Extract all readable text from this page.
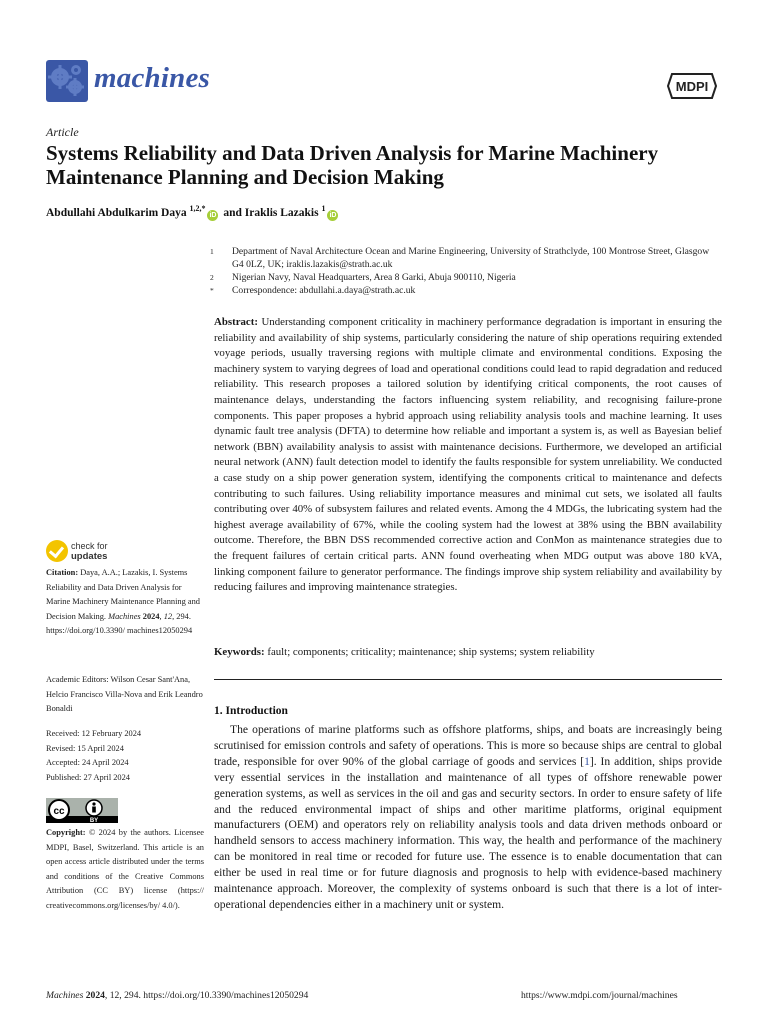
machines	MDPI
Article
Systems Reliability and Data Driven Analysis for Marine Machinery Maintenance Planning and Decision Making
Abdullahi Abdulkarim Daya $^{1,2,*}$iD and Iraklis Lazakis $^1$iD
1	Department of Naval Architecture Ocean and Marine Engineering, University of Strathclyde, 100 Montrose Street, Glasgow G4 0LZ, UK; iraklis.lazakis@strath.ac.uk
2	Nigerian Navy, Naval Headquarters, Area 8 Garki, Abuja 900110, Nigeria
*	Correspondence: abdullahi.a.daya@strath.ac.uk
Abstract: Understanding component criticality in machinery performance degradation is important in ensuring the reliability and availability of ship systems, particularly considering the nature of ship operations requiring extended voyage periods, usually traversing regions with multiple climate and environmental conditions. Exposing the machinery system to varying degrees of load and operational conditions could lead to rapid degradation and reduced reliability. This research proposes a tailored solution by identifying critical components, the root causes of maintenance delays, understanding the factors influencing system reliability, and recognising failure-prone components. This paper proposes a hybrid approach using reliability analysis tools and machine learning. It uses dynamic fault tree analysis (DFTA) to determine how reliable and important a system is, as well as Bayesian belief network (BBN) availability analysis to assist with maintenance decisions. Furthermore, we developed an artificial neural network (ANN) fault detection model to identify the faults responsible for system unreliability. We conducted a case study on a ship power generation system, identifying the components critical to maintenance and defects contributing to such failures. Using reliability importance measures and minimal cut sets, we isolated all faults contributing over 40% of subsystem failures and related events. Among the 4 MDGs, the lubricating system had the highest average availability of 67%, while the cooling system had the lowest at 38% using the BBN availability outcome. Therefore, the BBN DSS recommended corrective action and ConMon as maintenance strategies due to the frequent failures of certain critical parts. ANN found overheating when MDG output was above 180 kVA, linking component failure to generator performance. The findings improve ship system reliability and availability by reducing failures and improving maintenance strategies.
Keywords: fault; components; criticality; maintenance; ship systems; system reliability
1. Introduction
The operations of marine platforms such as offshore platforms, ships, and boats are increasingly being scrutinised for emission controls and safety of operations. This is more so because ships are central to global trade, responsible for over 90% of the global carriage of goods and services [1]. In addition, ships provide very essential services in the installation and maintenance of all types of offshore renewable power generation systems, as well as services in the oil and gas and security sectors. In order to ensure safety of life and the reduced environmental impact of ships and other maritime platforms, original equipment manufacturers (OEM) and operators rely on reliability analysis tools and data driven methods onboard or handheld sensors to access machinery information. This way, the health and performance of the machinery can be monitored in real time or recoded for future use. The essence is to enable documentation that can either be used in real time or for future diagnosis and prognosis to help with evidence-based machinery maintenance approach. Moreover, the complexity of systems onboard is such that there is a lot of inter-operational dependencies either in a machinery unit or system.
check for
updates
Citation: Daya, A.A.; Lazakis, I. Systems Reliability and Data Driven Analysis for Marine Machinery Maintenance Planning and Decision Making. Machines 2024, 12, 294. https://doi.org/10.3390/ machines12050294
Academic Editors: Wilson Cesar Sant'Ana, Helcio Francisco Villa-Nova and Erik Leandro Bonaldi
Received: 12 February 2024
Revised: 15 April 2024
Accepted: 24 April 2024
Published: 27 April 2024
cc
BY
Copyright: © 2024 by the authors. Licensee MDPI, Basel, Switzerland. This article is an open access article distributed under the terms and conditions of the Creative Commons Attribution (CC BY) license (https:// creativecommons.org/licenses/by/ 4.0/).
Machines 2024, 12, 294. https://doi.org/10.3390/machines12050294	https://www.mdpi.com/journal/machines
